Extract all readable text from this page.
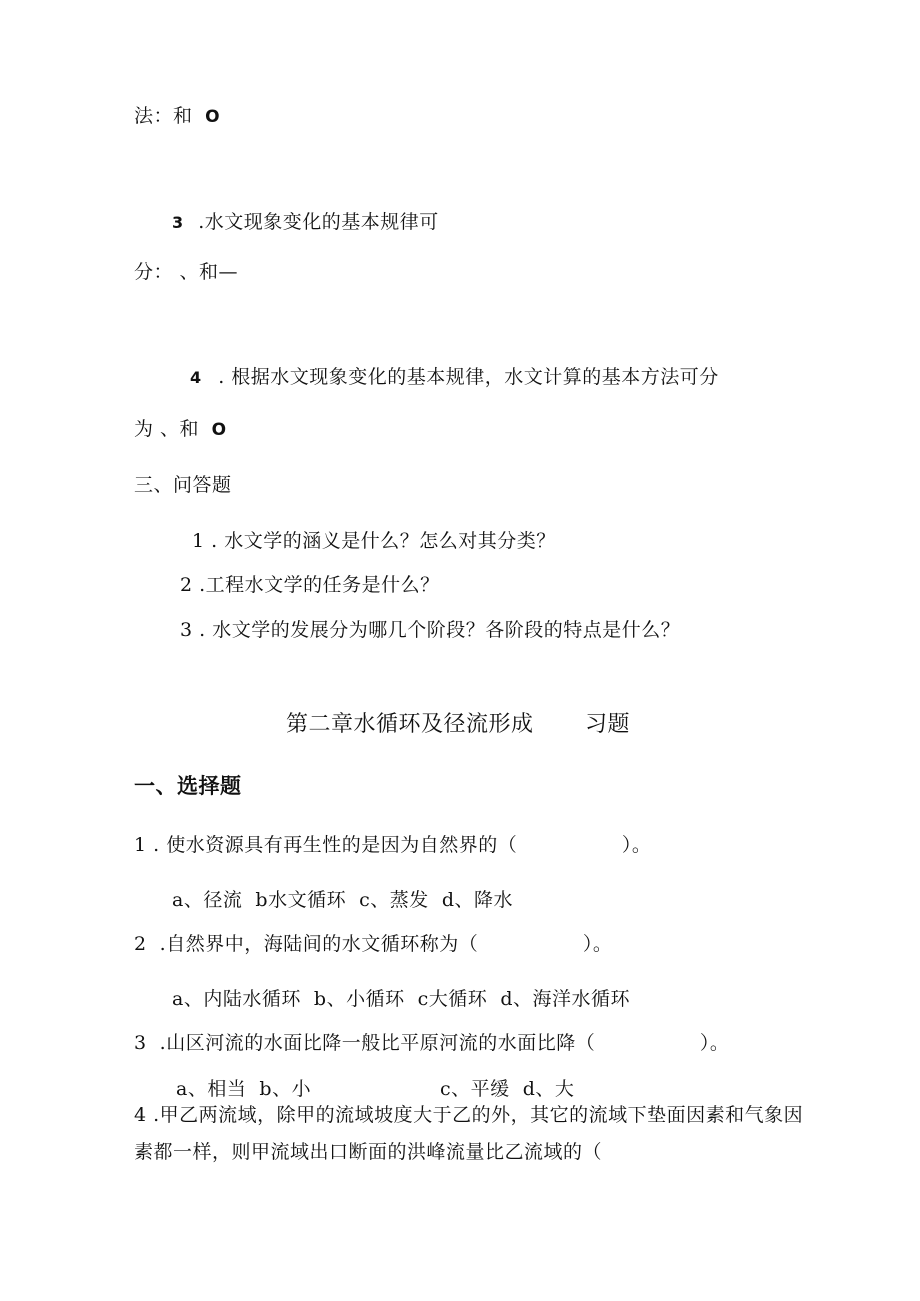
法：和 O
3 .水文现象变化的基本规律可
分： 、和—
4 . 根据水文现象变化的基本规律，水文计算的基本方法可分
为 、和 O
三、问答题
1 . 水文学的涵义是什么？怎么对其分类？
2 .工程水文学的任务是什么？
3 . 水文学的发展分为哪几个阶段？各阶段的特点是什么？
第二章水循环及径流形成 习题
一、选择题
1 . 使水资源具有再生性的是因为自然界的（                ）。
a、径流  b水文循环  c、蒸发  d、降水
2  .自然界中，海陆间的水文循环称为（                ）。
a、内陆水循环  b、小循环  c大循环  d、海洋水循环
3  .山区河流的水面比降一般比平原河流的水面比降（                ）。
a、相当  b、小	c、平缓  d、大
4 .甲乙两流域，除甲的流域坡度大于乙的外，其它的流域下垫面因素和气象因
素都一样，则甲流域出口断面的洪峰流量比乙流域的（
